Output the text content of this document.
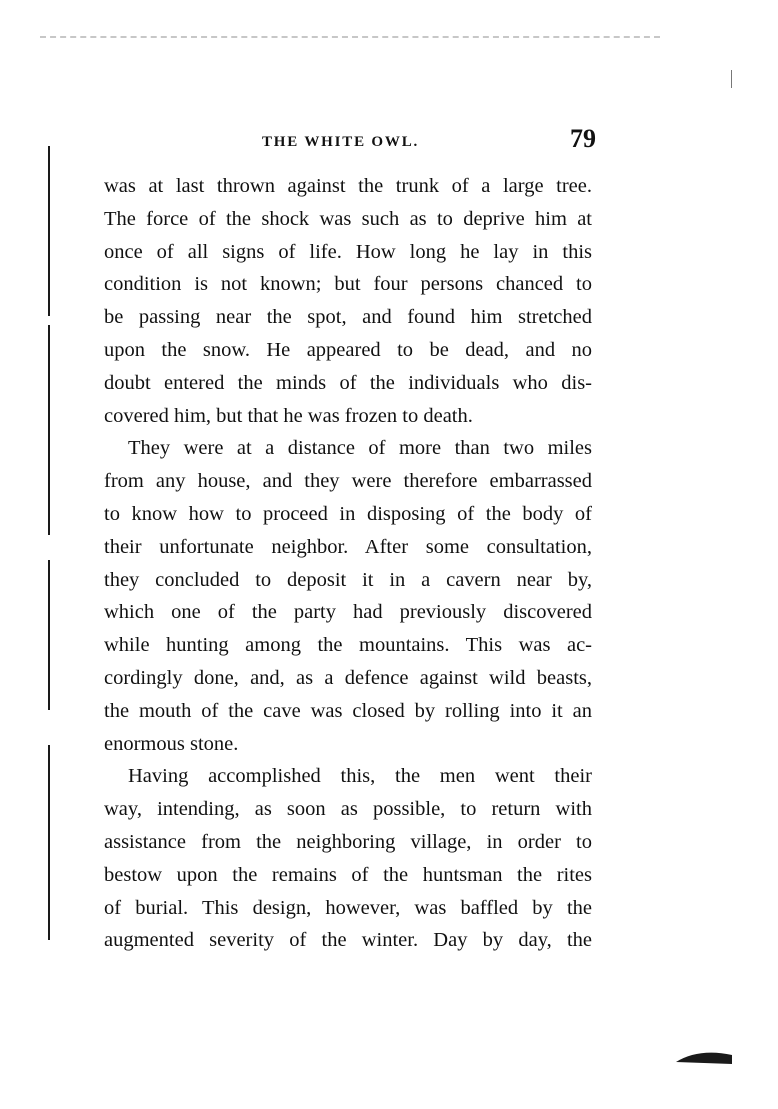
THE WHITE OWL.	79
was at last thrown against the trunk of a large tree.
The force of the shock was such as to deprive him at
once of all signs of life. How long he lay in this
condition is not known; but four persons chanced to
be passing near the spot, and found him stretched
upon the snow. He appeared to be dead, and no
doubt entered the minds of the individuals who dis-
covered him, but that he was frozen to death.
They were at a distance of more than two miles
from any house, and they were therefore embarrassed
to know how to proceed in disposing of the body of
their unfortunate neighbor. After some consultation,
they concluded to deposit it in a cavern near by,
which one of the party had previously discovered
while hunting among the mountains. This was ac-
cordingly done, and, as a defence against wild beasts,
the mouth of the cave was closed by rolling into it an
enormous stone.
Having accomplished this, the men went their
way, intending, as soon as possible, to return with
assistance from the neighboring village, in order to
bestow upon the remains of the huntsman the rites
of burial. This design, however, was baffled by the
augmented severity of the winter. Day by day, the
